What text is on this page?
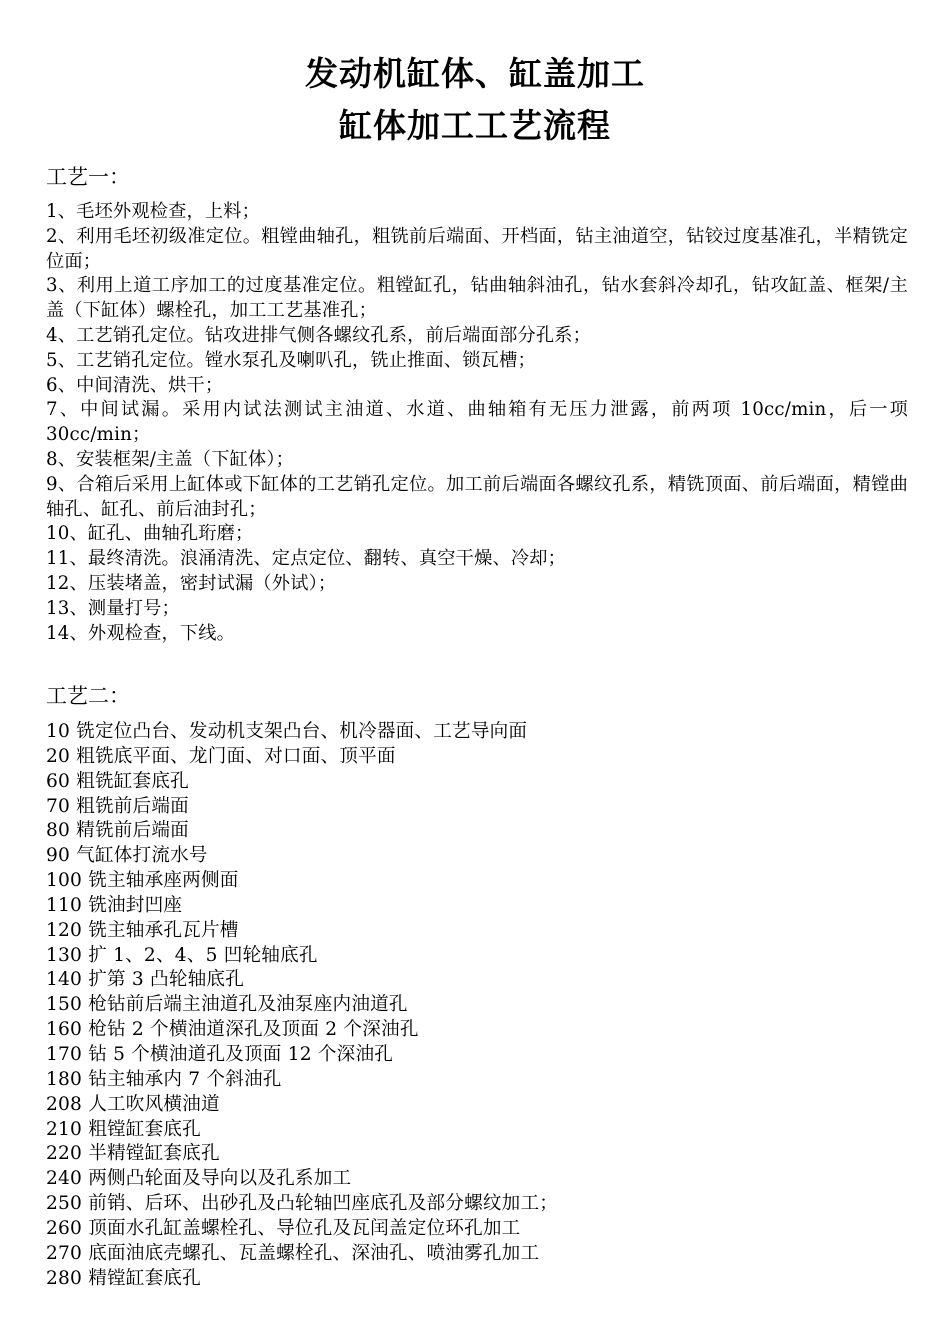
发动机缸体、缸盖加工
缸体加工工艺流程
工艺一：
1、毛坯外观检查，上料；
2、利用毛坯初级准定位。粗镗曲轴孔，粗铣前后端面、开档面，钻主油道空，钻铰过度基准孔，半精铣定位面；
3、利用上道工序加工的过度基准定位。粗镗缸孔，钻曲轴斜油孔，钻水套斜冷却孔，钻攻缸盖、框架/主盖（下缸体）螺栓孔，加工工艺基准孔；
4、工艺销孔定位。钻攻进排气侧各螺纹孔系，前后端面部分孔系；
5、工艺销孔定位。镗水泵孔及喇叭孔，铣止推面、锁瓦槽；
6、中间清洗、烘干；
7、中间试漏。采用内试法测试主油道、水道、曲轴箱有无压力泄露，前两项 10cc/min，后一项 30cc/min；
8、安装框架/主盖（下缸体）；
9、合箱后采用上缸体或下缸体的工艺销孔定位。加工前后端面各螺纹孔系，精铣顶面、前后端面，精镗曲轴孔、缸孔、前后油封孔；
10、缸孔、曲轴孔珩磨；
11、最终清洗。浪涌清洗、定点定位、翻转、真空干燥、冷却；
12、压装堵盖，密封试漏（外试）；
13、测量打号；
14、外观检查，下线。
工艺二：
10 铣定位凸台、发动机支架凸台、机冷器面、工艺导向面
20 粗铣底平面、龙门面、对口面、顶平面
60 粗铣缸套底孔
70 粗铣前后端面
80 精铣前后端面
90 气缸体打流水号
100 铣主轴承座两侧面
110 铣油封凹座
120 铣主轴承孔瓦片槽
130 扩 1、2、4、5 凹轮轴底孔
140 扩第 3 凸轮轴底孔
150 枪钻前后端主油道孔及油泵座内油道孔
160 枪钻 2 个横油道深孔及顶面 2 个深油孔
170 钻 5 个横油道孔及顶面 12 个深油孔
180 钻主轴承内 7 个斜油孔
208 人工吹风横油道
210 粗镗缸套底孔
220 半精镗缸套底孔
240 两侧凸轮面及导向以及孔系加工
250 前销、后环、出砂孔及凸轮轴凹座底孔及部分螺纹加工；
260 顶面水孔缸盖螺栓孔、导位孔及瓦闰盖定位环孔加工
270 底面油底壳螺孔、瓦盖螺栓孔、深油孔、喷油雾孔加工
280 精镗缸套底孔
